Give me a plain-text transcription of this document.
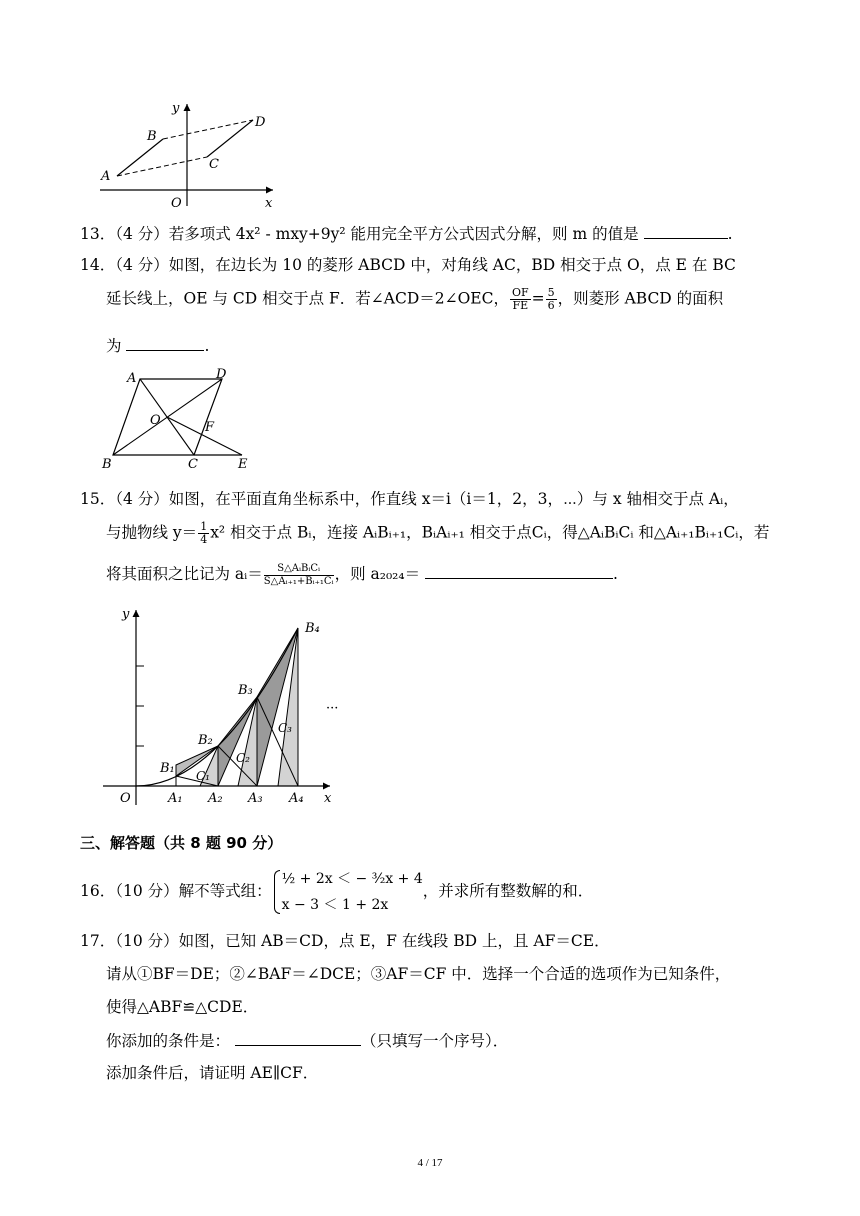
y
x
O
A
B
C
D
13．（4 分）若多项式 4x² - mxy+9y² 能用完全平方公式因式分解，则 m 的值是	.
14．（4 分）如图，在边长为 10 的菱形 ABCD 中，对角线 AC，BD 相交于点 O，点 E 在 BC
延长线上，OE 与 CD 相交于点 F．若∠ACD＝2∠OEC， $\frac{OF}{FE} = \frac{5}{6}$ ，则菱形 ABCD 的面积
为	.
A	D
O	F
B	C	E
15．（4 分）如图，在平面直角坐标系中，作直线 x＝i（i＝1，2，3，⋯）与 x 轴相交于点 Aᵢ，
与抛物线 $y= \frac{1}{4} x^2$ 相交于点 Bᵢ，连接 AᵢBᵢ₊₁，BᵢAᵢ₊₁ 相交于点Cᵢ，得△AᵢBᵢCᵢ 和△Aᵢ₊₁Bᵢ₊₁Cᵢ，若
将其面积之比记为 aᵢ＝ $\frac{\text{S△AᵢBᵢCᵢ}}{\text{S△Aᵢ₊₁+Bᵢ₊₁Cᵢ}}$ ，则 a₂₀₂₄＝	.
y
x
O
B₁
B₂
B₃
B₄
C₁
C₂
C₃
A₁ A₂ A₃ A₄
···
三、解答题（共 8 题 90 分）
16．（10 分）解不等式组：
½ + 2x ＜ − ³⁄₂x + 4
x − 3 ＜ 1 + 2x
，并求所有整数解的和．
17．（10 分）如图，已知 AB＝CD，点 E，F 在线段 BD 上，且 AF＝CE．
请从①BF＝DE；②∠BAF＝∠DCE；③AF＝CF 中．选择一个合适的选项作为已知条件，
使得△ABF≌△CDE．
你添加的条件是：	（只填写一个序号）．
添加条件后，请证明 AE∥CF．
4 / 17
